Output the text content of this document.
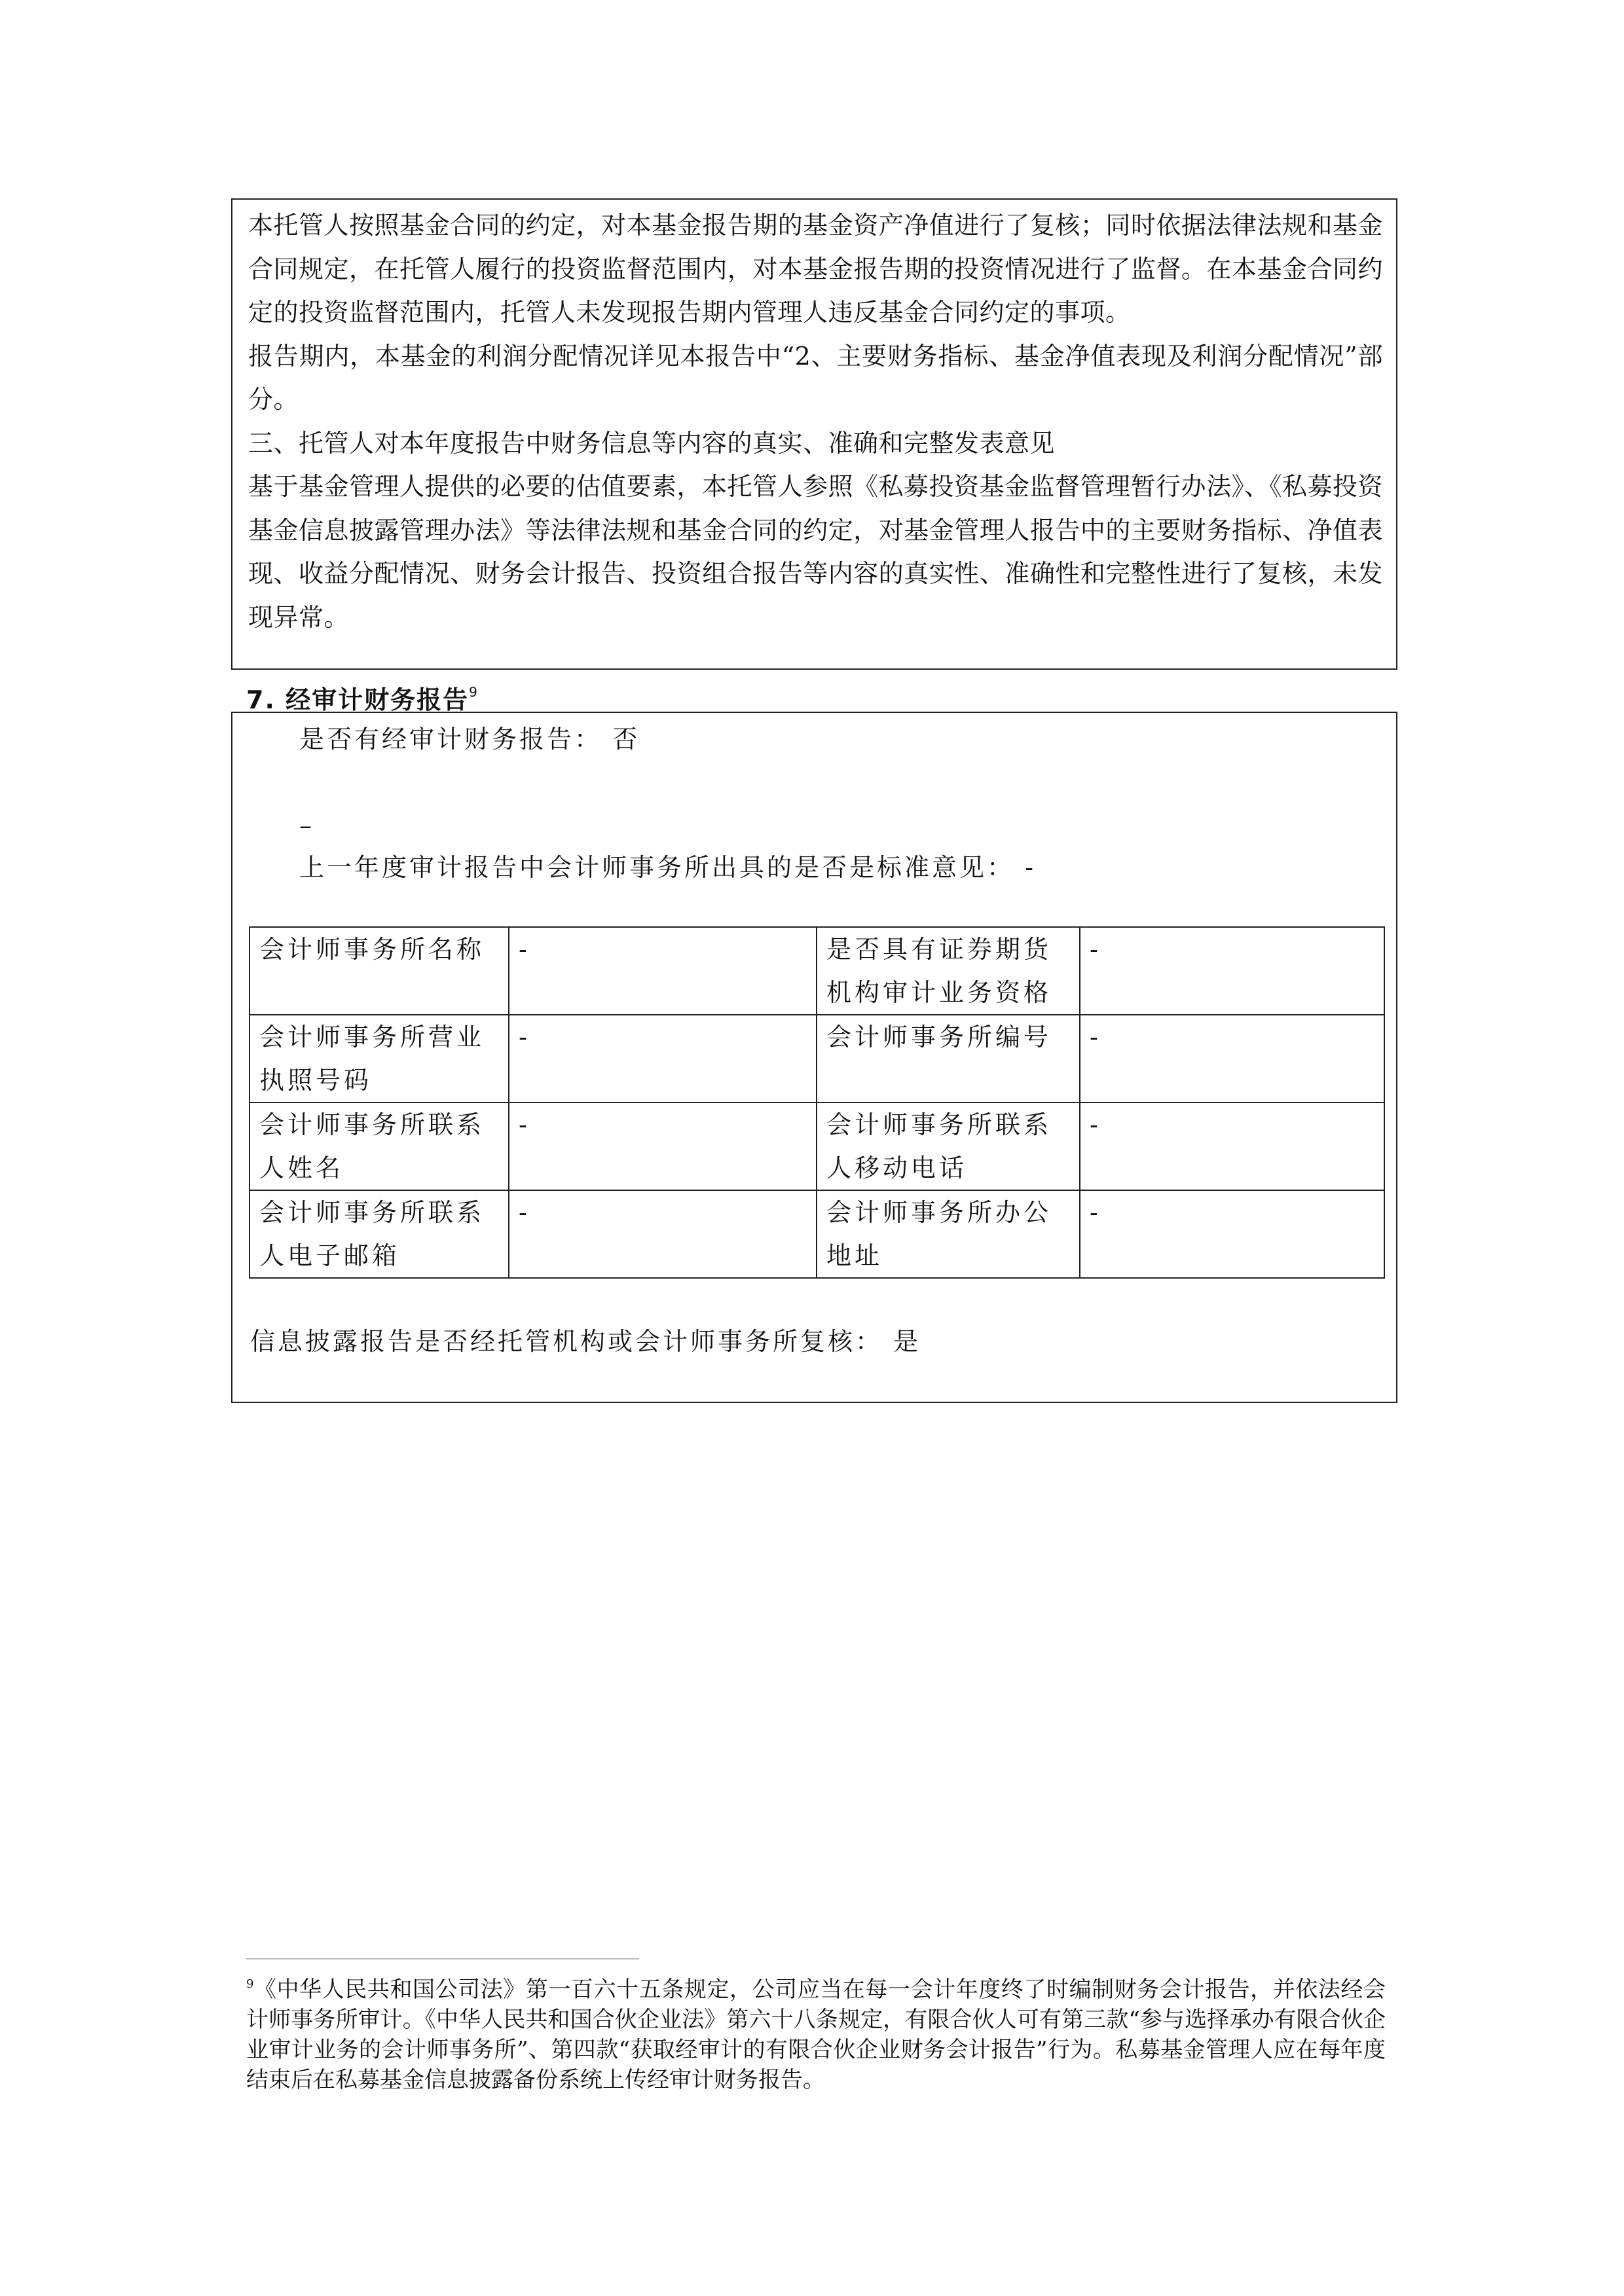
本托管人按照基金合同的约定，对本基金报告期的基金资产净值进行了复核；同时依据法律法规和基金合同规定，在托管人履行的投资监督范围内，对本基金报告期的投资情况进行了监督。在本基金合同约定的投资监督范围内，托管人未发现报告期内管理人违反基金合同约定的事项。

报告期内，本基金的利润分配情况详见本报告中“2、主要财务指标、基金净值表现及利润分配情况”部分。

三、托管人对本年度报告中财务信息等内容的真实、准确和完整发表意见

基于基金管理人提供的必要的估值要素，本托管人参照《私募投资基金监督管理暂行办法》、《私募投资基金信息披露管理办法》等法律法规和基金合同的约定，对基金管理人报告中的主要财务指标、净值表现、收益分配情况、财务会计报告、投资组合报告等内容的真实性、准确性和完整性进行了复核，未发现异常。

7. 经审计财务报告$^9$
是否有经审计财务报告： 否
–
上一年度审计报告中会计师事务所出具的是否是标准意见： -
会计师事务所名称	-	是否具有证券期货机构审计业务资格	-
会计师事务所营业执照号码	-	会计师事务所编号	-
会计师事务所联系人姓名	-	会计师事务所联系人移动电话	-
会计师事务所联系人电子邮箱	-	会计师事务所办公地址	-
信息披露报告是否经托管机构或会计师事务所复核： 是
$^9$《中华人民共和国公司法》第一百六十五条规定，公司应当在每一会计年度终了时编制财务会计报告，并依法经会计师事务所审计。《中华人民共和国合伙企业法》第六十八条规定，有限合伙人可有第三款“参与选择承办有限合伙企业审计业务的会计师事务所”、第四款“获取经审计的有限合伙企业财务会计报告”行为。私募基金管理人应在每年度结束后在私募基金信息披露备份系统上传经审计财务报告。
